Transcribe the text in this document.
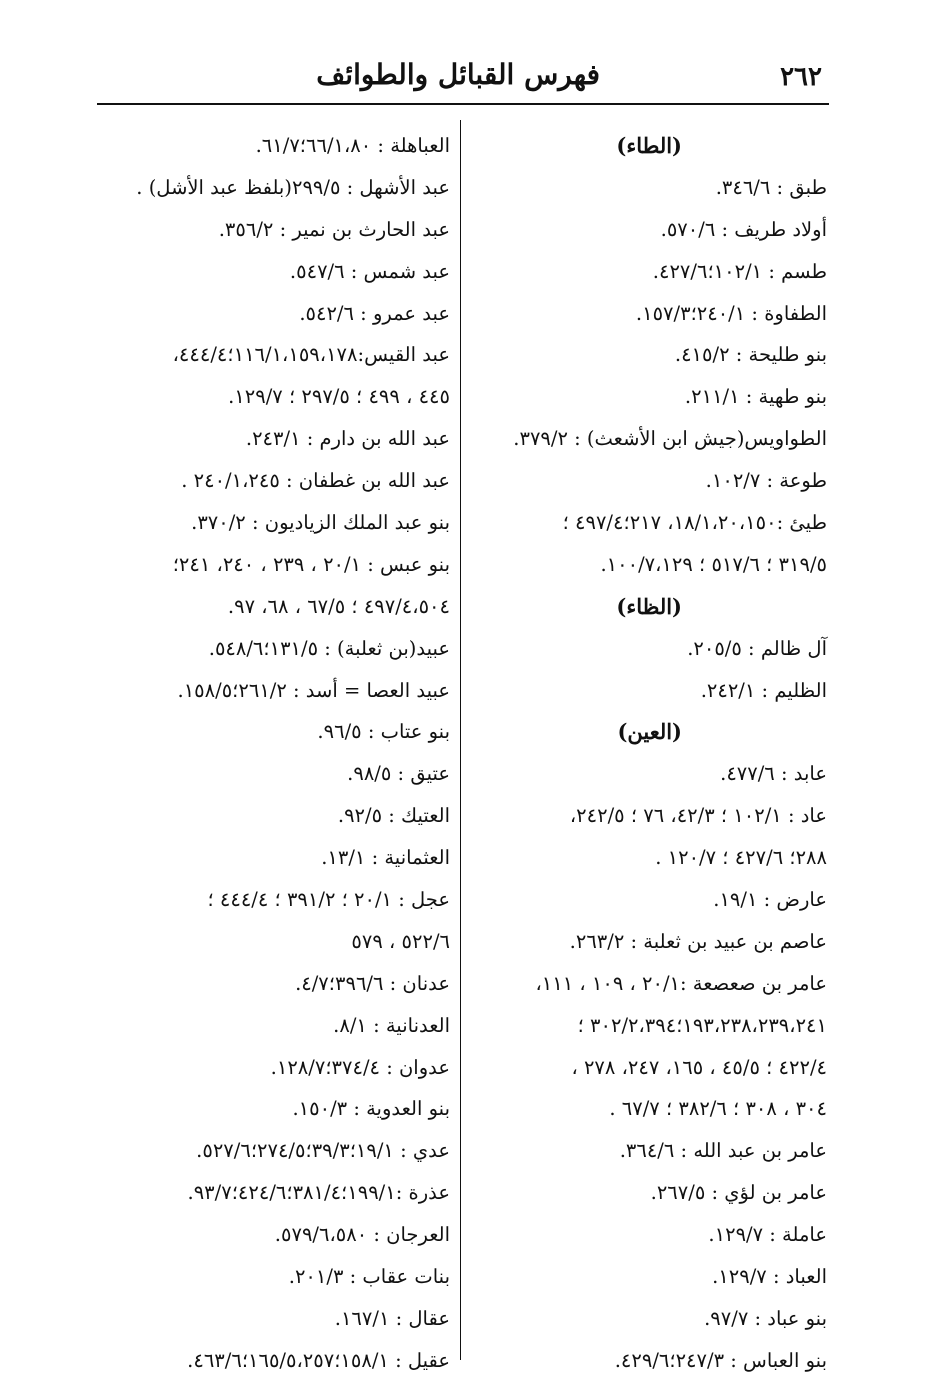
٢٦٢
فهرس القبائل والطوائف
(الطاء)
طبق : ٣٤٦/٦.
أولاد طريف : ٥٧٠/٦.
طسم : ١٠٢/١؛٤٢٧/٦.
الطفاوة : ٢٤٠/١؛١٥٧/٣.
بنو طليحة : ٤١٥/٢.
بنو طهية : ٢١١/١.
الطواويس(جيش ابن الأشعث) : ٣٧٩/٢.
طوعة : ١٠٢/٧.
طيئ :١٨/١،٢٠،١٥٠، ٢١٧؛٤٩٧/٤ ؛
٣١٩/٥ ؛ ٥١٧/٦ ؛ ١٠٠/٧،١٢٩.
(الظاء)
آل ظالم : ٢٠٥/٥.
الظليم : ٢٤٢/١.
(العين)
عابد : ٤٧٧/٦.
عاد : ١٠٢/١ ؛ ٤٢/٣، ٧٦ ؛ ٢٤٢/٥،
٢٨٨؛ ٤٢٧/٦ ؛ ١٢٠/٧ .
عارض : ١٩/١.
عاصم بن عبيد بن ثعلبة : ٢٦٣/٢.
عامر بن صعصعة :٢٠/١ ، ١٠٩ ، ١١١،
١٩٣،٢٣٨،٢٣٩،٢٤١؛٣٠٢/٢،٣٩٤ ؛
٤٢٢/٤ ؛ ٤٥/٥ ، ١٦٥، ٢٤٧، ٢٧٨ ،
٣٠٤ ، ٣٠٨ ؛ ٣٨٢/٦ ؛ ٦٧/٧ .
عامر بن عبد الله : ٣٦٤/٦.
عامر بن لؤي : ٢٦٧/٥.
عاملة : ١٢٩/٧.
العباد : ١٢٩/٧.
بنو عباد : ٩٧/٧.
بنو العباس : ٢٤٧/٣؛٤٢٩/٦.
العباهلة : ٦٦/١،٨٠؛٦١/٧.
عبد الأشهل : ٢٩٩/٥(بلفظ عبد الأشل) .
عبد الحارث بن نمير : ٣٥٦/٢.
عبد شمس : ٥٤٧/٦.
عبد عمرو : ٥٤٢/٦.
عبد القيس:١١٦/١،١٥٩،١٧٨؛٤٤٤/٤،
٤٤٥ ، ٤٩٩ ؛ ٢٩٧/٥ ؛ ١٢٩/٧.
عبد الله بن دارم : ٢٤٣/١.
عبد الله بن غطفان : ٢٤٠/١،٢٤٥ .
بنو عبد الملك الزياديون : ٣٧٠/٢.
بنو عبس : ٢٠/١ ، ٢٣٩ ، ٢٤٠، ٢٤١؛
٤٩٧/٤،٥٠٤ ؛ ٦٧/٥ ، ٦٨، ٩٧.
عبيد(بن ثعلبة) : ١٣١/٥؛٥٤٨/٦.
عبيد العصا = أسد : ٢٦١/٢؛١٥٨/٥.
بنو عتاب : ٩٦/٥.
عتيق : ٩٨/٥.
العتيك : ٩٢/٥.
العثمانية : ١٣/١.
عجل : ٢٠/١ ؛ ٣٩١/٢ ؛ ٤٤٤/٤ ؛
٥٢٢/٦ ، ٥٧٩
عدنان : ٣٩٦/٦؛٤/٧.
العدنانية : ٨/١.
عدوان : ٣٧٤/٤؛١٢٨/٧.
بنو العدوية : ١٥٠/٣.
عدي : ١٩/١؛٣٩/٣؛٢٧٤/٥؛٥٢٧/٦.
عذرة :١٩٩/١؛٣٨١/٤؛٤٢٤/٦؛٩٣/٧.
العرجان : ٥٧٩/٦،٥٨٠.
بنات عقاب : ٢٠١/٣.
عقال : ١٦٧/١.
عقيل : ١٥٨/١؛١٦٥/٥،٢٥٧؛٤٦٣/٦.
